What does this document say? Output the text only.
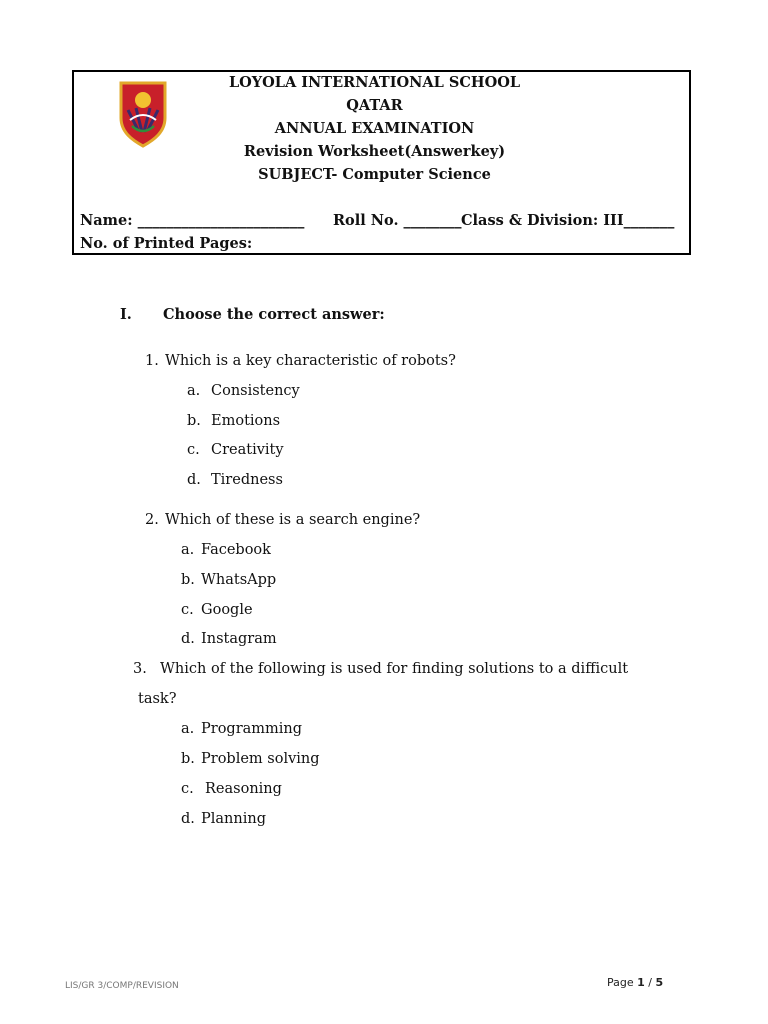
LOYOLA INTERNATIONAL SCHOOL
QATAR
ANNUAL EXAMINATION
Revision Worksheet(Answerkey)
SUBJECT- Computer Science
Name: _______________________ Roll No. ________ Class & Division: III_______
No. of Printed Pages:
I. Choose the correct answer:
1. Which is a key characteristic of robots?
a. Consistency
b. Emotions
c. Creativity
d. Tiredness
2. Which of these is a search engine?
a. Facebook
b. WhatsApp
c. Google
d. Instagram
3. Which of the following is used for finding solutions to a difficult
task?
a. Programming
b. Problem solving
c. Reasoning
d. Planning
LIS/GR 3/COMP/REVISION	Page 1 / 5
